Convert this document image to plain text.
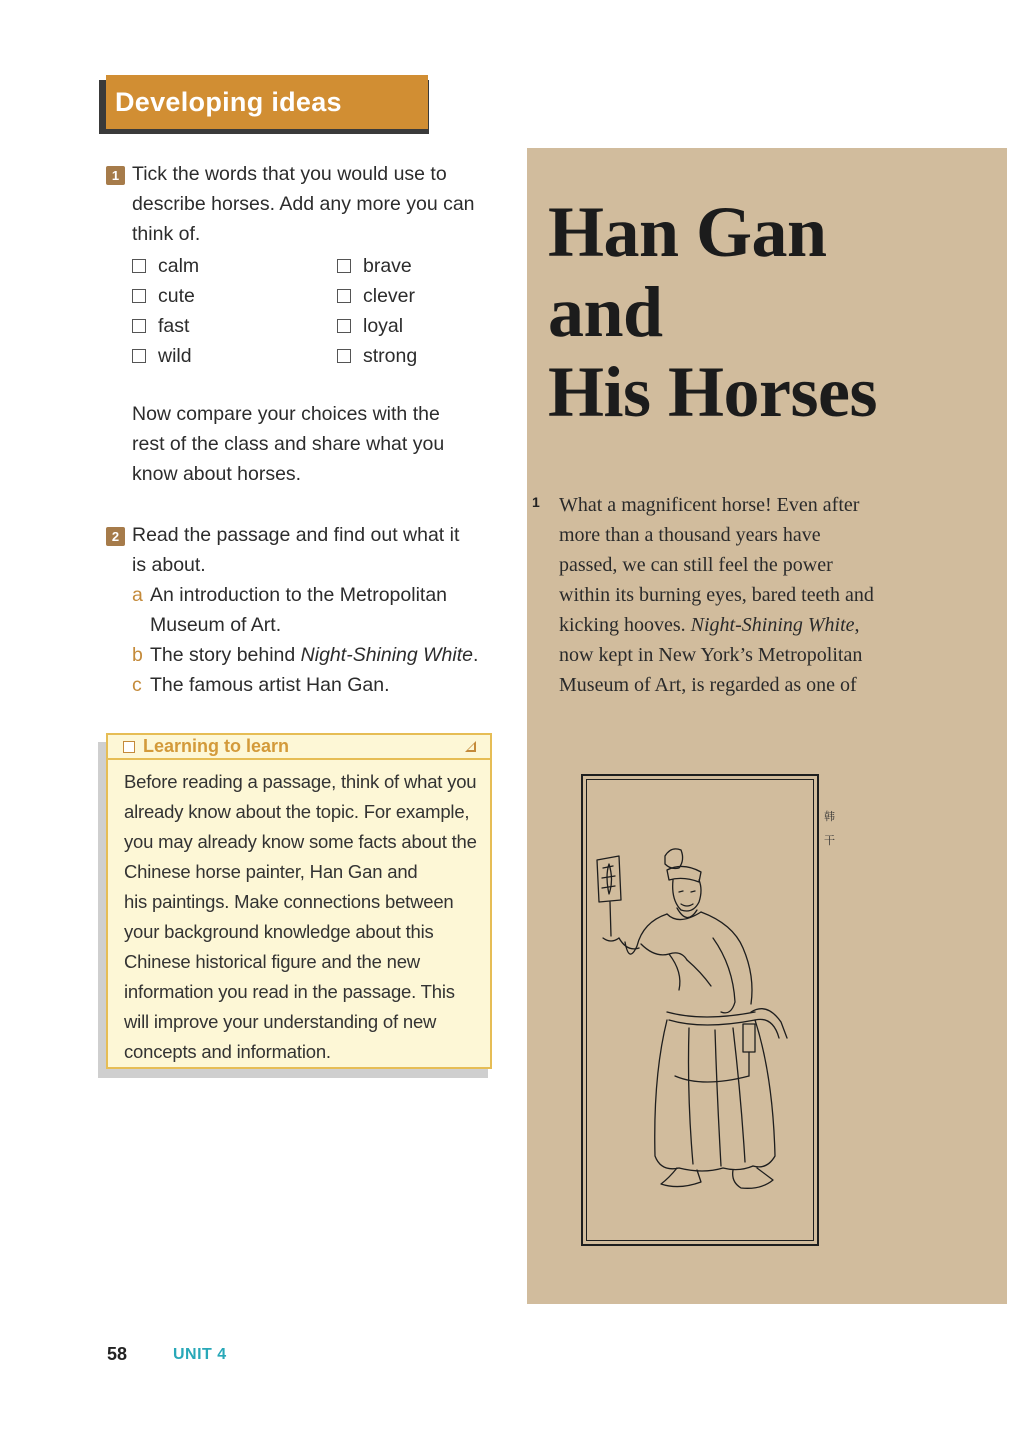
Developing ideas
1 Tick the words that you would use to
describe horses. Add any more you can
think of.
calm
cute
fast
wild
brave
clever
loyal
strong
Now compare your choices with the
rest of the class and share what you
know about horses.
2 Read the passage and find out what it
is about.
a An introduction to the Metropolitan
Museum of Art.
b The story behind Night-Shining White.
c The famous artist Han Gan.
Learning to learn
Before reading a passage, think of what you
already know about the topic. For example,
you may already know some facts about the
Chinese horse painter, Han Gan and
his paintings. Make connections between
your background knowledge about this
Chinese historical figure and the new
information you read in the passage. This
will improve your understanding of new
concepts and information.
Han Gan
and
His Horses
1 What a magnificent horse! Even after
more than a thousand years have
passed, we can still feel the power
within its burning eyes, bared teeth and
kicking hooves. Night-Shining White,
now kept in New York’s Metropolitan
Museum of Art, is regarded as one of
韩
干
58	UNIT 4
